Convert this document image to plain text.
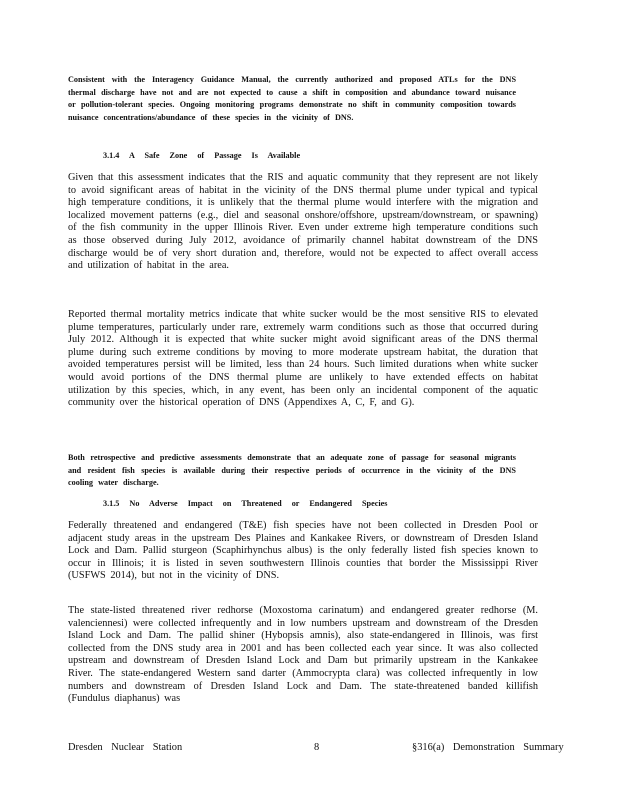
Consistent with the Interagency Guidance Manual, the currently authorized and proposed ATLs for the DNS thermal discharge have not and are not expected to cause a shift in composition and abundance toward nuisance or pollution-tolerant species. Ongoing monitoring programs demonstrate no shift in community composition towards nuisance concentrations/abundance of these species in the vicinity of DNS.
3.1.4 A Safe Zone of Passage Is Available
Given that this assessment indicates that the RIS and aquatic community that they represent are not likely to avoid significant areas of habitat in the vicinity of the DNS thermal plume under typical and typical high temperature conditions, it is unlikely that the thermal plume would interfere with the migration and localized movement patterns (e.g., diel and seasonal onshore/offshore, upstream/downstream, or spawning) of the fish community in the upper Illinois River. Even under extreme high temperature conditions such as those observed during July 2012, avoidance of primarily channel habitat downstream of the DNS discharge would be of very short duration and, therefore, would not be expected to affect overall access and utilization of habitat in the area.
Reported thermal mortality metrics indicate that white sucker would be the most sensitive RIS to elevated plume temperatures, particularly under rare, extremely warm conditions such as those that occurred during July 2012. Although it is expected that white sucker might avoid significant areas of the DNS thermal plume during such extreme conditions by moving to more moderate upstream habitat, the duration that avoided temperatures persist will be limited, less than 24 hours. Such limited durations when white sucker would avoid portions of the DNS thermal plume are unlikely to have extended effects on habitat utilization by this species, which, in any event, has been only an incidental component of the aquatic community over the historical operation of DNS (Appendixes A, C, F, and G).
Both retrospective and predictive assessments demonstrate that an adequate zone of passage for seasonal migrants and resident fish species is available during their respective periods of occurrence in the vicinity of the DNS cooling water discharge.
3.1.5 No Adverse Impact on Threatened or Endangered Species
Federally threatened and endangered (T&E) fish species have not been collected in Dresden Pool or adjacent study areas in the upstream Des Plaines and Kankakee Rivers, or downstream of Dresden Island Lock and Dam. Pallid sturgeon (Scaphirhynchus albus) is the only federally listed fish species known to occur in Illinois; it is listed in seven southwestern Illinois counties that border the Mississippi River (USFWS 2014), but not in the vicinity of DNS.
The state-listed threatened river redhorse (Moxostoma carinatum) and endangered greater redhorse (M. valenciennesi) were collected infrequently and in low numbers upstream and downstream of the Dresden Island Lock and Dam. The pallid shiner (Hybopsis amnis), also state-endangered in Illinois, was first collected from the DNS study area in 2001 and has been collected each year since. It was also collected upstream and downstream of Dresden Island Lock and Dam but primarily upstream in the Kankakee River. The state-endangered Western sand darter (Ammocrypta clara) was collected infrequently in low numbers and downstream of Dresden Island Lock and Dam. The state-threatened banded killifish (Fundulus diaphanus) was
Dresden Nuclear Station	8	§316(a) Demonstration Summary
